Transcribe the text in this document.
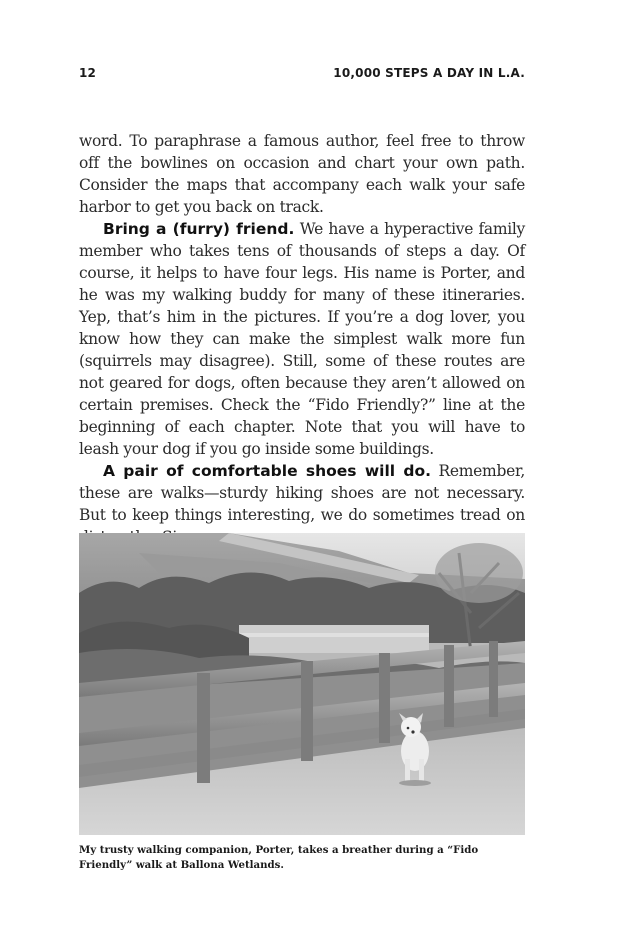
12	10,000 STEPS A DAY IN L.A.

word. To paraphrase a famous author, feel free to throw off the bowlines on occasion and chart your own path. Consider the maps that accompany each walk your safe harbor to get you back on track.

Bring a (furry) friend. We have a hyperactive family member who takes tens of thousands of steps a day. Of course, it helps to have four legs. His name is Porter, and he was my walking buddy for many of these itineraries. Yep, that’s him in the pictures. If you’re a dog lover, you know how they can make the simplest walk more fun (squirrels may disagree). Still, some of these routes are not geared for dogs, often because they aren’t allowed on certain premises. Check the “Fido Friendly?” line at the beginning of each chapter. Note that you will have to leash your dog if you go inside some buildings.

A pair of comfortable shoes will do. Remember, these are walks—sturdy hiking shoes are not necessary. But to keep things interesting, we do sometimes tread on

My trusty walking companion, Porter, takes a breather during a “Fido Friendly” walk at Ballona Wetlands.
